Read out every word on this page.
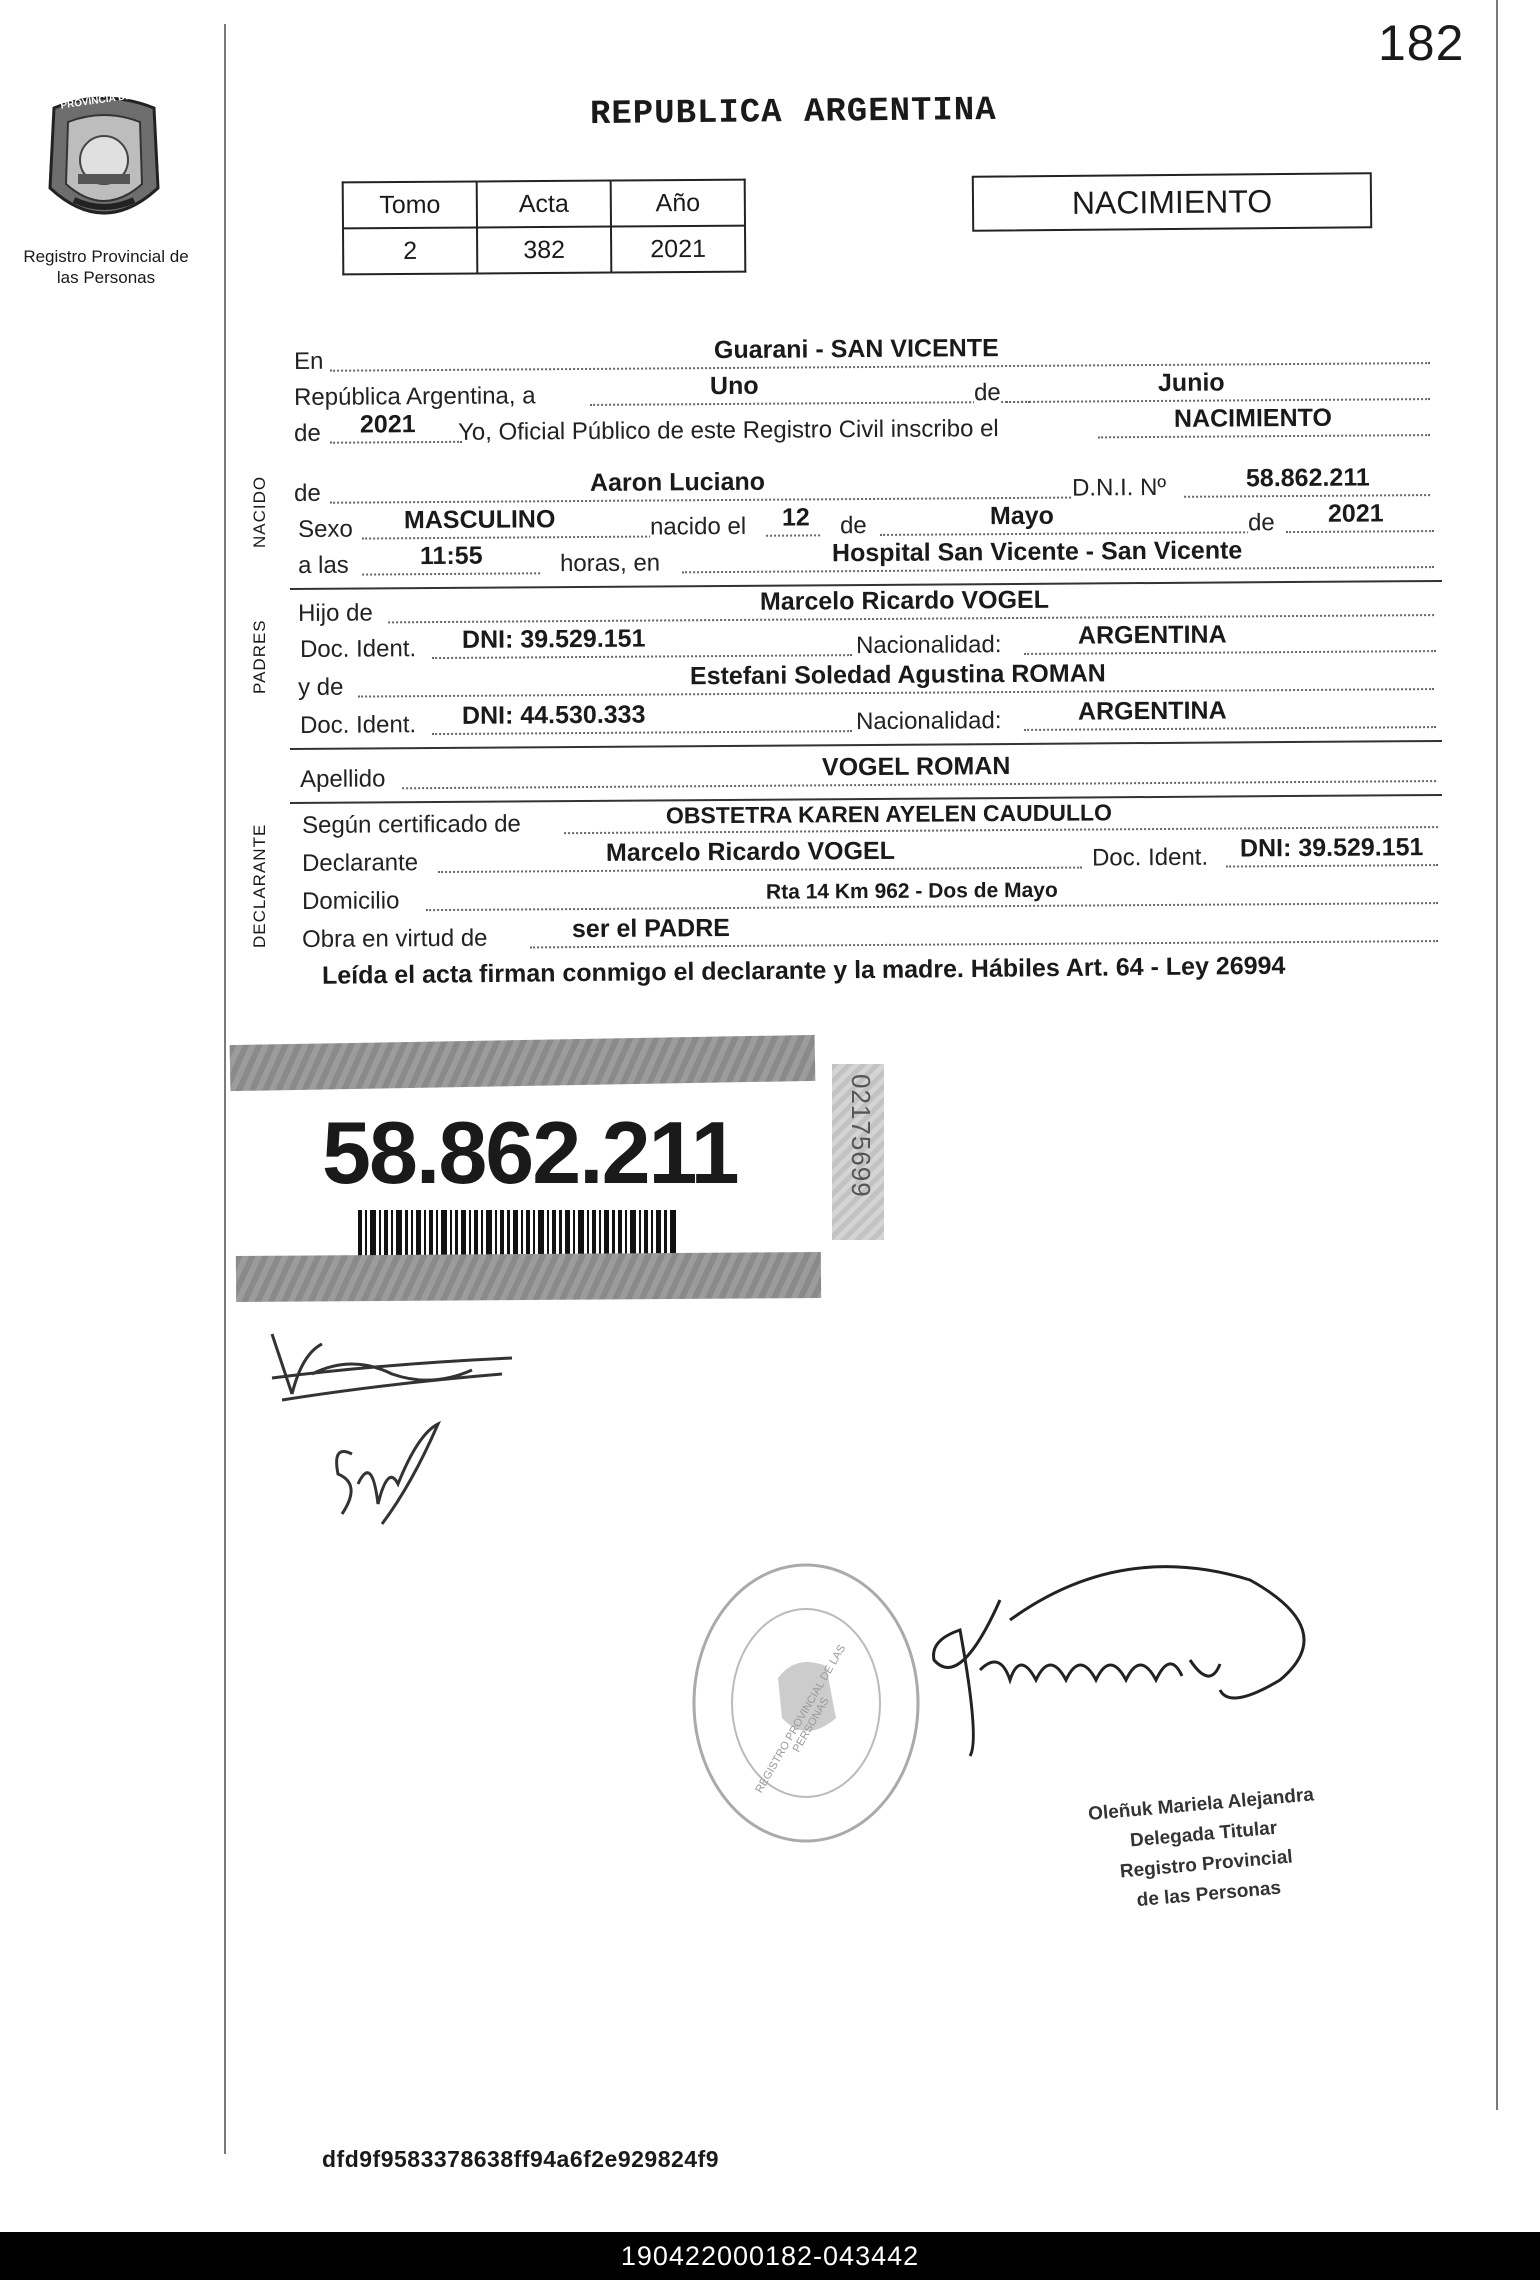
182
PROVINCIA DE MISIONES
Registro Provincial de las Personas
REPUBLICA ARGENTINA
Tomo	Acta	Año
2	382	2021
NACIMIENTO
En	Guarani - SAN VICENTE
República Argentina, a	Uno	de	Junio
de 2021 Yo, Oficial Público de este Registro Civil inscribo el	NACIMIENTO
NACIDO de	Aaron Luciano	D.N.I. Nº	58.862.211
Sexo MASCULINO	nacido el 12 de	Mayo	de 2021
a las	11:55	horas, en	Hospital San Vicente - San Vicente
PADRES
Hijo de	Marcelo Ricardo VOGEL
Doc. Ident. DNI: 39.529.151	Nacionalidad:	ARGENTINA
y de	Estefani Soledad Agustina ROMAN
Doc. Ident. DNI: 44.530.333	Nacionalidad:	ARGENTINA
Apellido	VOGEL ROMAN
DECLARANTE Según certificado de	OBSTETRA KAREN AYELEN CAUDULLO
Declarante	Marcelo Ricardo VOGEL	Doc. Ident. DNI: 39.529.151
Domicilio	Rta 14 Km 962 - Dos de Mayo
Obra en virtud de	ser el PADRE
Leída el acta firman conmigo el declarante y la madre. Hábiles Art. 64 - Ley 26994
58.862.211	02175699
REGISTRO PROVINCIAL DE LAS PERSONAS
Oleñuk Mariela Alejandra
Delegada Titular
Registro Provincial
de las Personas
dfd9f9583378638ff94a6f2e929824f9
190422000182-043442
